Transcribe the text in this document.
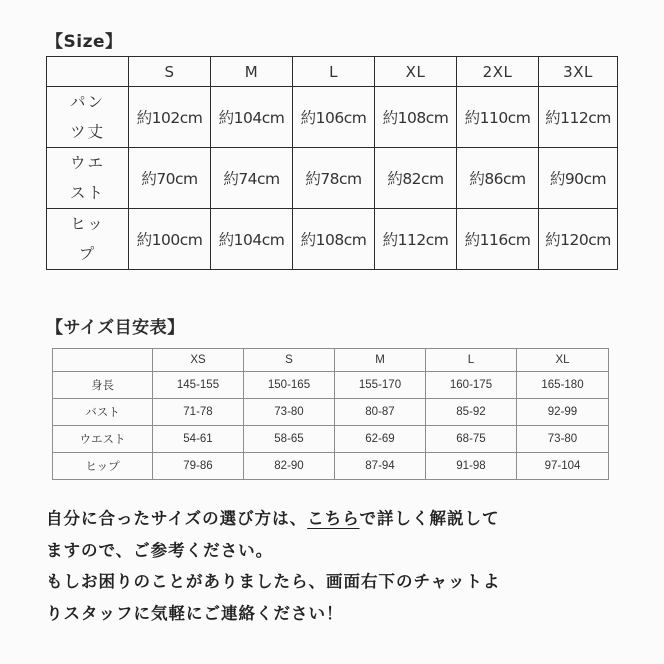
【Size】
	S	M	L	XL	2XL	3XL
パン
ツ丈	約102cm	約104cm	約106cm	約108cm	約110cm	約112cm
ウエ
スト	約70cm	約74cm	約78cm	約82cm	約86cm	約90cm
ヒッ
プ	約100cm	約104cm	約108cm	約112cm	約116cm	約120cm
【サイズ目安表】
	XS	S	M	L	XL
身長	145-155	150-165	155-170	160-175	165-180
バスト	71-78	73-80	80-87	85-92	92-99
ウエスト	54-61	58-65	62-69	68-75	73-80
ヒップ	79-86	82-90	87-94	91-98	97-104

自分に合ったサイズの選び方は、こちらで詳しく解説して

ますので、ご参考ください。

もしお困りのことがありましたら、画面右下のチャットよ

りスタッフに気軽にご連絡ください！
